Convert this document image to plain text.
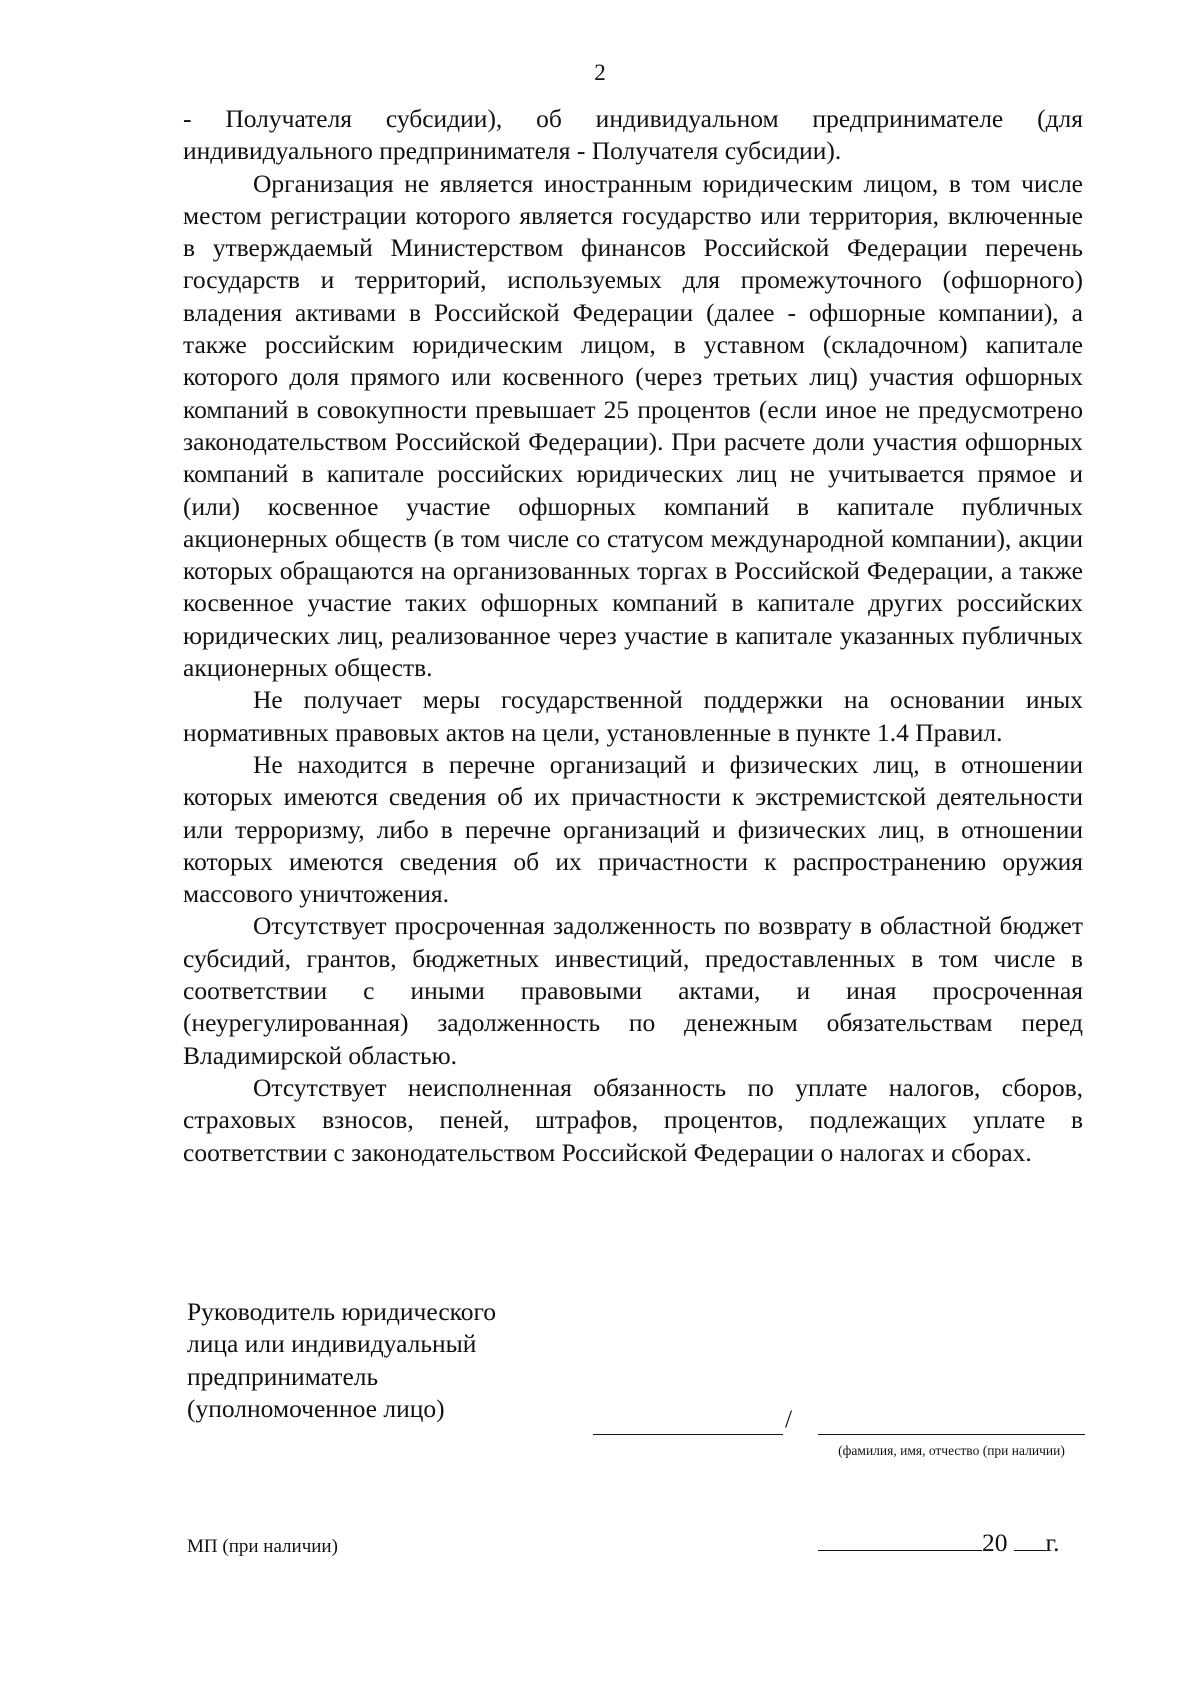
2

- Получателя субсидии), об индивидуальном предпринимателе (для индивидуального предпринимателя - Получателя субсидии).

Организация не является иностранным юридическим лицом, в том числе местом регистрации которого является государство или территория, включенные в утверждаемый Министерством финансов Российской Федерации перечень государств и территорий, используемых для промежуточного (офшорного) владения активами в Российской Федерации (далее - офшорные компании), а также российским юридическим лицом, в уставном (складочном) капитале которого доля прямого или косвенного (через третьих лиц) участия офшорных компаний в совокупности превышает 25 процентов (если иное не предусмотрено законодательством Российской Федерации). При расчете доли участия офшорных компаний в капитале российских юридических лиц не учитывается прямое и (или) косвенное участие офшорных компаний в капитале публичных акционерных обществ (в том числе со статусом международной компании), акции которых обращаются на организованных торгах в Российской Федерации, а также косвенное участие таких офшорных компаний в капитале других российских юридических лиц, реализованное через участие в капитале указанных публичных акционерных обществ.

Не получает меры государственной поддержки на основании иных нормативных правовых актов на цели, установленные в пункте 1.4 Правил.

Не находится в перечне организаций и физических лиц, в отношении которых имеются сведения об их причастности к экстремистской деятельности или терроризму, либо в перечне организаций и физических лиц, в отношении которых имеются сведения об их причастности к распространению оружия массового уничтожения.

Отсутствует просроченная задолженность по возврату в областной бюджет субсидий, грантов, бюджетных инвестиций, предоставленных в том числе в соответствии с иными правовыми актами, и иная просроченная (неурегулированная) задолженность по денежным обязательствам перед Владимирской областью.

Отсутствует неисполненная обязанность по уплате налогов, сборов, страховых взносов, пеней, штрафов, процентов, подлежащих уплате в соответствии с законодательством Российской Федерации о налогах и сборах.

Руководитель юридического
лица или индивидуальный
предприниматель
(уполномоченное лицо)	/
(фамилия, имя, отчество (при наличии)
МП (при наличии)	20 г.
